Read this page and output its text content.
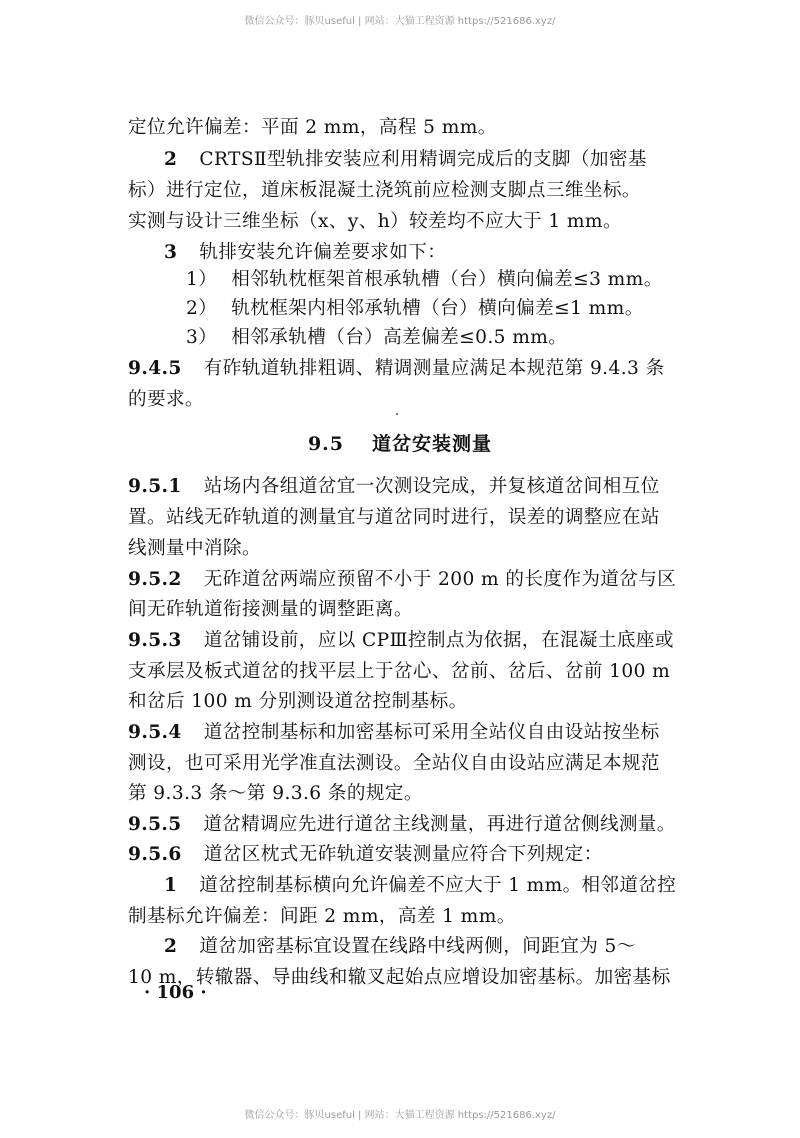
微信公众号：豚贝useful | 网站：大猫工程资源 https://521686.xyz/
定位允许偏差：平面 2 mm，高程 5 mm。
2 CRTSⅡ型轨排安装应利用精调完成后的支脚（加密基
标）进行定位，道床板混凝土浇筑前应检测支脚点三维坐标。
实测与设计三维坐标（x、y、h）较差均不应大于 1 mm。
3 轨排安装允许偏差要求如下：
1） 相邻轨枕框架首根承轨槽（台）横向偏差≤3 mm。
2） 轨枕框架内相邻承轨槽（台）横向偏差≤1 mm。
3） 相邻承轨槽（台）高差偏差≤0.5 mm。
9.4.5 有砟轨道轨排粗调、精调测量应满足本规范第 9.4.3 条
的要求。
9.5 道岔安装测量
9.5.1 站场内各组道岔宜一次测设完成，并复核道岔间相互位
置。站线无砟轨道的测量宜与道岔同时进行，误差的调整应在站
线测量中消除。
9.5.2 无砟道岔两端应预留不小于 200 m 的长度作为道岔与区
间无砟轨道衔接测量的调整距离。
9.5.3 道岔铺设前，应以 CPⅢ控制点为依据，在混凝土底座或
支承层及板式道岔的找平层上于岔心、岔前、岔后、岔前 100 m
和岔后 100 m 分别测设道岔控制基标。
9.5.4 道岔控制基标和加密基标可采用全站仪自由设站按坐标
测设，也可采用光学准直法测设。全站仪自由设站应满足本规范
第 9.3.3 条～第 9.3.6 条的规定。
9.5.5 道岔精调应先进行道岔主线测量，再进行道岔侧线测量。
9.5.6 道岔区枕式无砟轨道安装测量应符合下列规定：
1 道岔控制基标横向允许偏差不应大于 1 mm。相邻道岔控
制基标允许偏差：间距 2 mm，高差 1 mm。
2 道岔加密基标宜设置在线路中线两侧，间距宜为 5～
10 m，转辙器、导曲线和辙叉起始点应增设加密基标。加密基标
· 106 ·
微信公众号：豚贝useful | 网站：大猫工程资源 https://521686.xyz/
